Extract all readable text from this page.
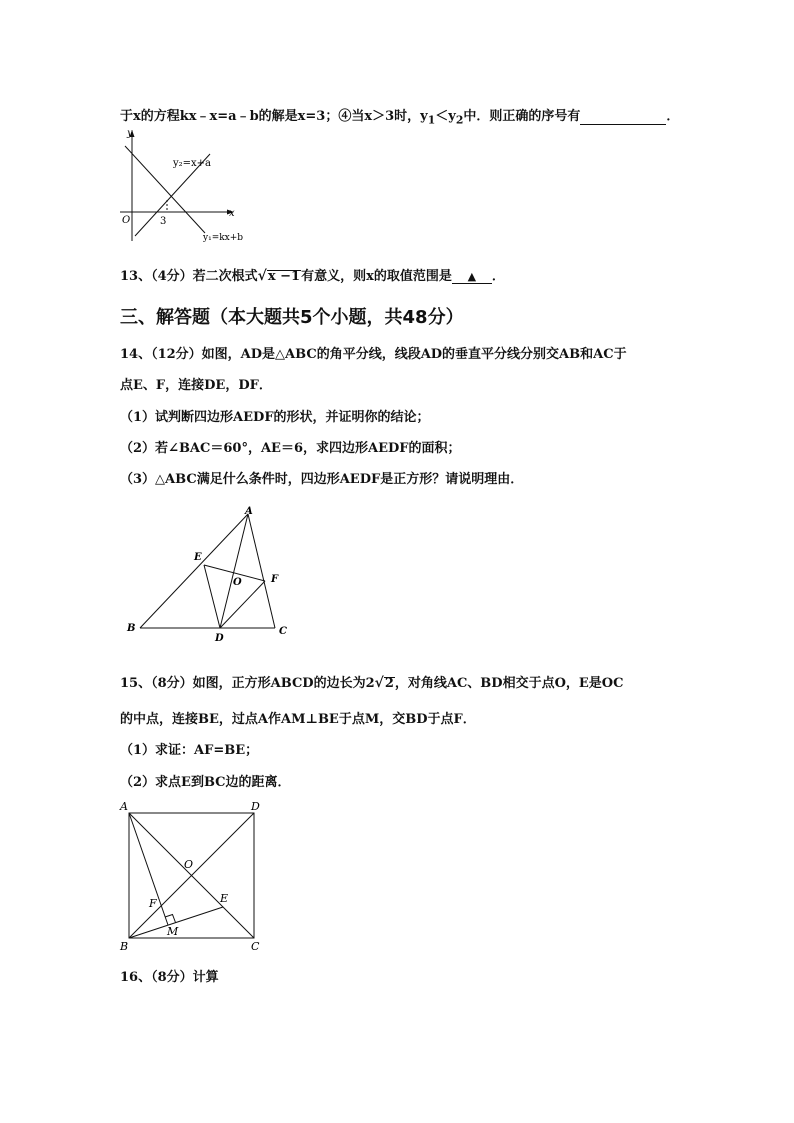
于x的方程kx﹣x=a﹣b的解是x=3；④当x＞3时，$y_1<y_2$中．则正确的序号有	．
y
x
O	3
y₂=x+a
y₁=kx+b
13、（4分）若二次根式√x −1有意义，则x的取值范围是 ▲ ．
三、解答题（本大题共5个小题，共48分）
14、（12分）如图，AD是△ABC的角平分线，线段AD的垂直平分线分别交AB和AC于
点E、F，连接DE，DF．
（1）试判断四边形AEDF的形状，并证明你的结论；
（2）若∠BAC＝60°，AE＝6，求四边形AEDF的面积；
（3）△ABC满足什么条件时，四边形AEDF是正方形？请说明理由．
A
B	C
D
E
F
O
15、（8分）如图，正方形ABCD的边长为2√2，对角线AC、BD相交于点O，E是OC
的中点，连接BE，过点A作AM⊥BE于点M，交BD于点F．
（1）求证：AF=BE；
（2）求点E到BC边的距离．
A	D
B	C
O
E
F
M
16、（8分）计算
